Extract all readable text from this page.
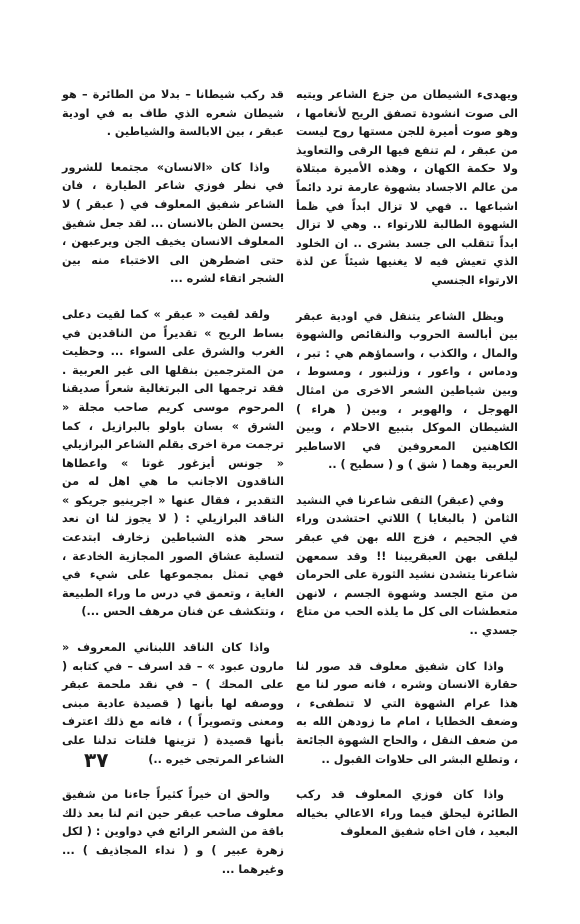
ويهدىء الشيطان من جزع الشاعر ويتيه الى صوت انشودة تصفق الريح لأنغامها ، وهو صوت أميرة للجن مستها روح ليست من عبقر ، لم تنفع فيها الرقى والتعاويذ ولا حكمة الكهان ، وهذه الأميرة مبتلاة من عالم الاجساد بشهوة عارمة ترد دائماً اشباعها .. فهي لا تزال ابداً في ظمأ الشهوة الطالبة للارتواء .. وهي لا تزال ابداً تتقلب الى جسد بشرى .. ان الخلود الذي تعيش فيه لا يغنيها شيئاً عن لذة الارتواء الجنسي

ويظل الشاعر يتنقل في اودية عبقر بين أبالسة الحروب والنقائص والشهوة والمال ، والكذب ، واسماؤهم هي : تبر ، ودماس ، واعور ، وزلنبور ، ومسوط ، وبين شياطين الشعر الاخرى من امثال الهوجل ، والهوبر ، وبين ( هراء ) الشيطان الموكل بتبيع الاحلام ، وبين الكاهنين المعروفين في الاساطير العربية وهما ( شق ) و ( سطيح ) ..

وفي (عبقر) التقى شاعرنا في النشيد الثامن ( بالبغايا ) اللاتي احتشدن وراء في الجحيم ، فزج الله بهن في عبقر ليلقى بهن العبقريينا !! وقد سمعهن شاعرنا يتشدن نشيد الثورة على الحرمان من متع الجسد وشهوة الجسم ، لانهن متعطشات الى كل ما يلذه الحب من متاع جسدي ..

واذا كان شفيق معلوف قد صور لنا حقارة الانسان وشره ، فانه صور لنا مع هذا عرام الشهوة التي لا تنطفىء ، وضعف الخطايا ، امام ما زودهن الله به من ضعف النقل ، والحاح الشهوة الجائعة ، وتطلع البشر الى حلاوات القبول ..

واذا كان فوزي المعلوف قد ركب الطائرة ليحلق فيما وراء الاعالي بخياله البعيد ، فان اخاه شفيق المعلوف

قد ركب شيطانا – بدلا من الطائرة – هو شيطان شعره الذي طاف به في اودية عبقر ، بين الابالسة والشياطين .

واذا كان «الانسان» مجتمعا للشرور في نظر فوزي شاعر الطيارة ، فان الشاعر شفيق المعلوف في ( عبقر ) لا يحسن الظن بالانسان ... لقد جعل شفيق المعلوف الانسان يخيف الجن ويرعبهن ، حتى اضطرهن الى الاختباء منه بين الشجر اتقاء لشره ...

ولقد لقيت « عبقر » كما لقيت دعلى بساط الريح » تقديراً من الناقدين في الغرب والشرق على السواء ... وحظيت من المترجمين بنقلها الى غير العربية . فقد ترجمها الى البرتغالية شعراً صديقنا المرحوم موسى كريم صاحب مجلة « الشرق » بسان باولو بالبرازيل ، كما ترجمت مرة اخرى بقلم الشاعر البرازيلي « جونس أيزغور غوتا » واعطاها الناقدون الاجانب ما هي اهل له من التقدير ، فقال عنها « اجرينيو جريكو » الناقد البرازيلي : ( لا يجوز لنا ان نعد سحر هذه الشياطين زخارف ابتدعت لتسلية عشاق الصور المجازية الخادعة ، فهي تمثل بمجموعها على شيء في الغاية ، وتعمق في درس ما وراء الطبيعة ، وتتكشف عن فنان مرهف الحس ...)

واذا كان الناقد اللبناني المعروف « مارون عبود » – قد اسرف – في كتابه ( على المحك ) – في نقد ملحمة عبقر ووصفه لها بأنها ( قصيدة عادية مبنى ومعنى وتصويراً ) ، فانه مع ذلك اعترف بأنها قصيدة ( تزينها فلتات تدلنا على الشاعر المرتجى خيره ..)

والحق ان خيراً كثيراً جاءنا من شفيق معلوف صاحب عبقر حين اتم لنا بعد ذلك باقة من الشعر الرائع في دواوين : ( لكل زهرة عبير ) و ( نداء المجاذيف ) ... وغيرهما ...

٣٧
